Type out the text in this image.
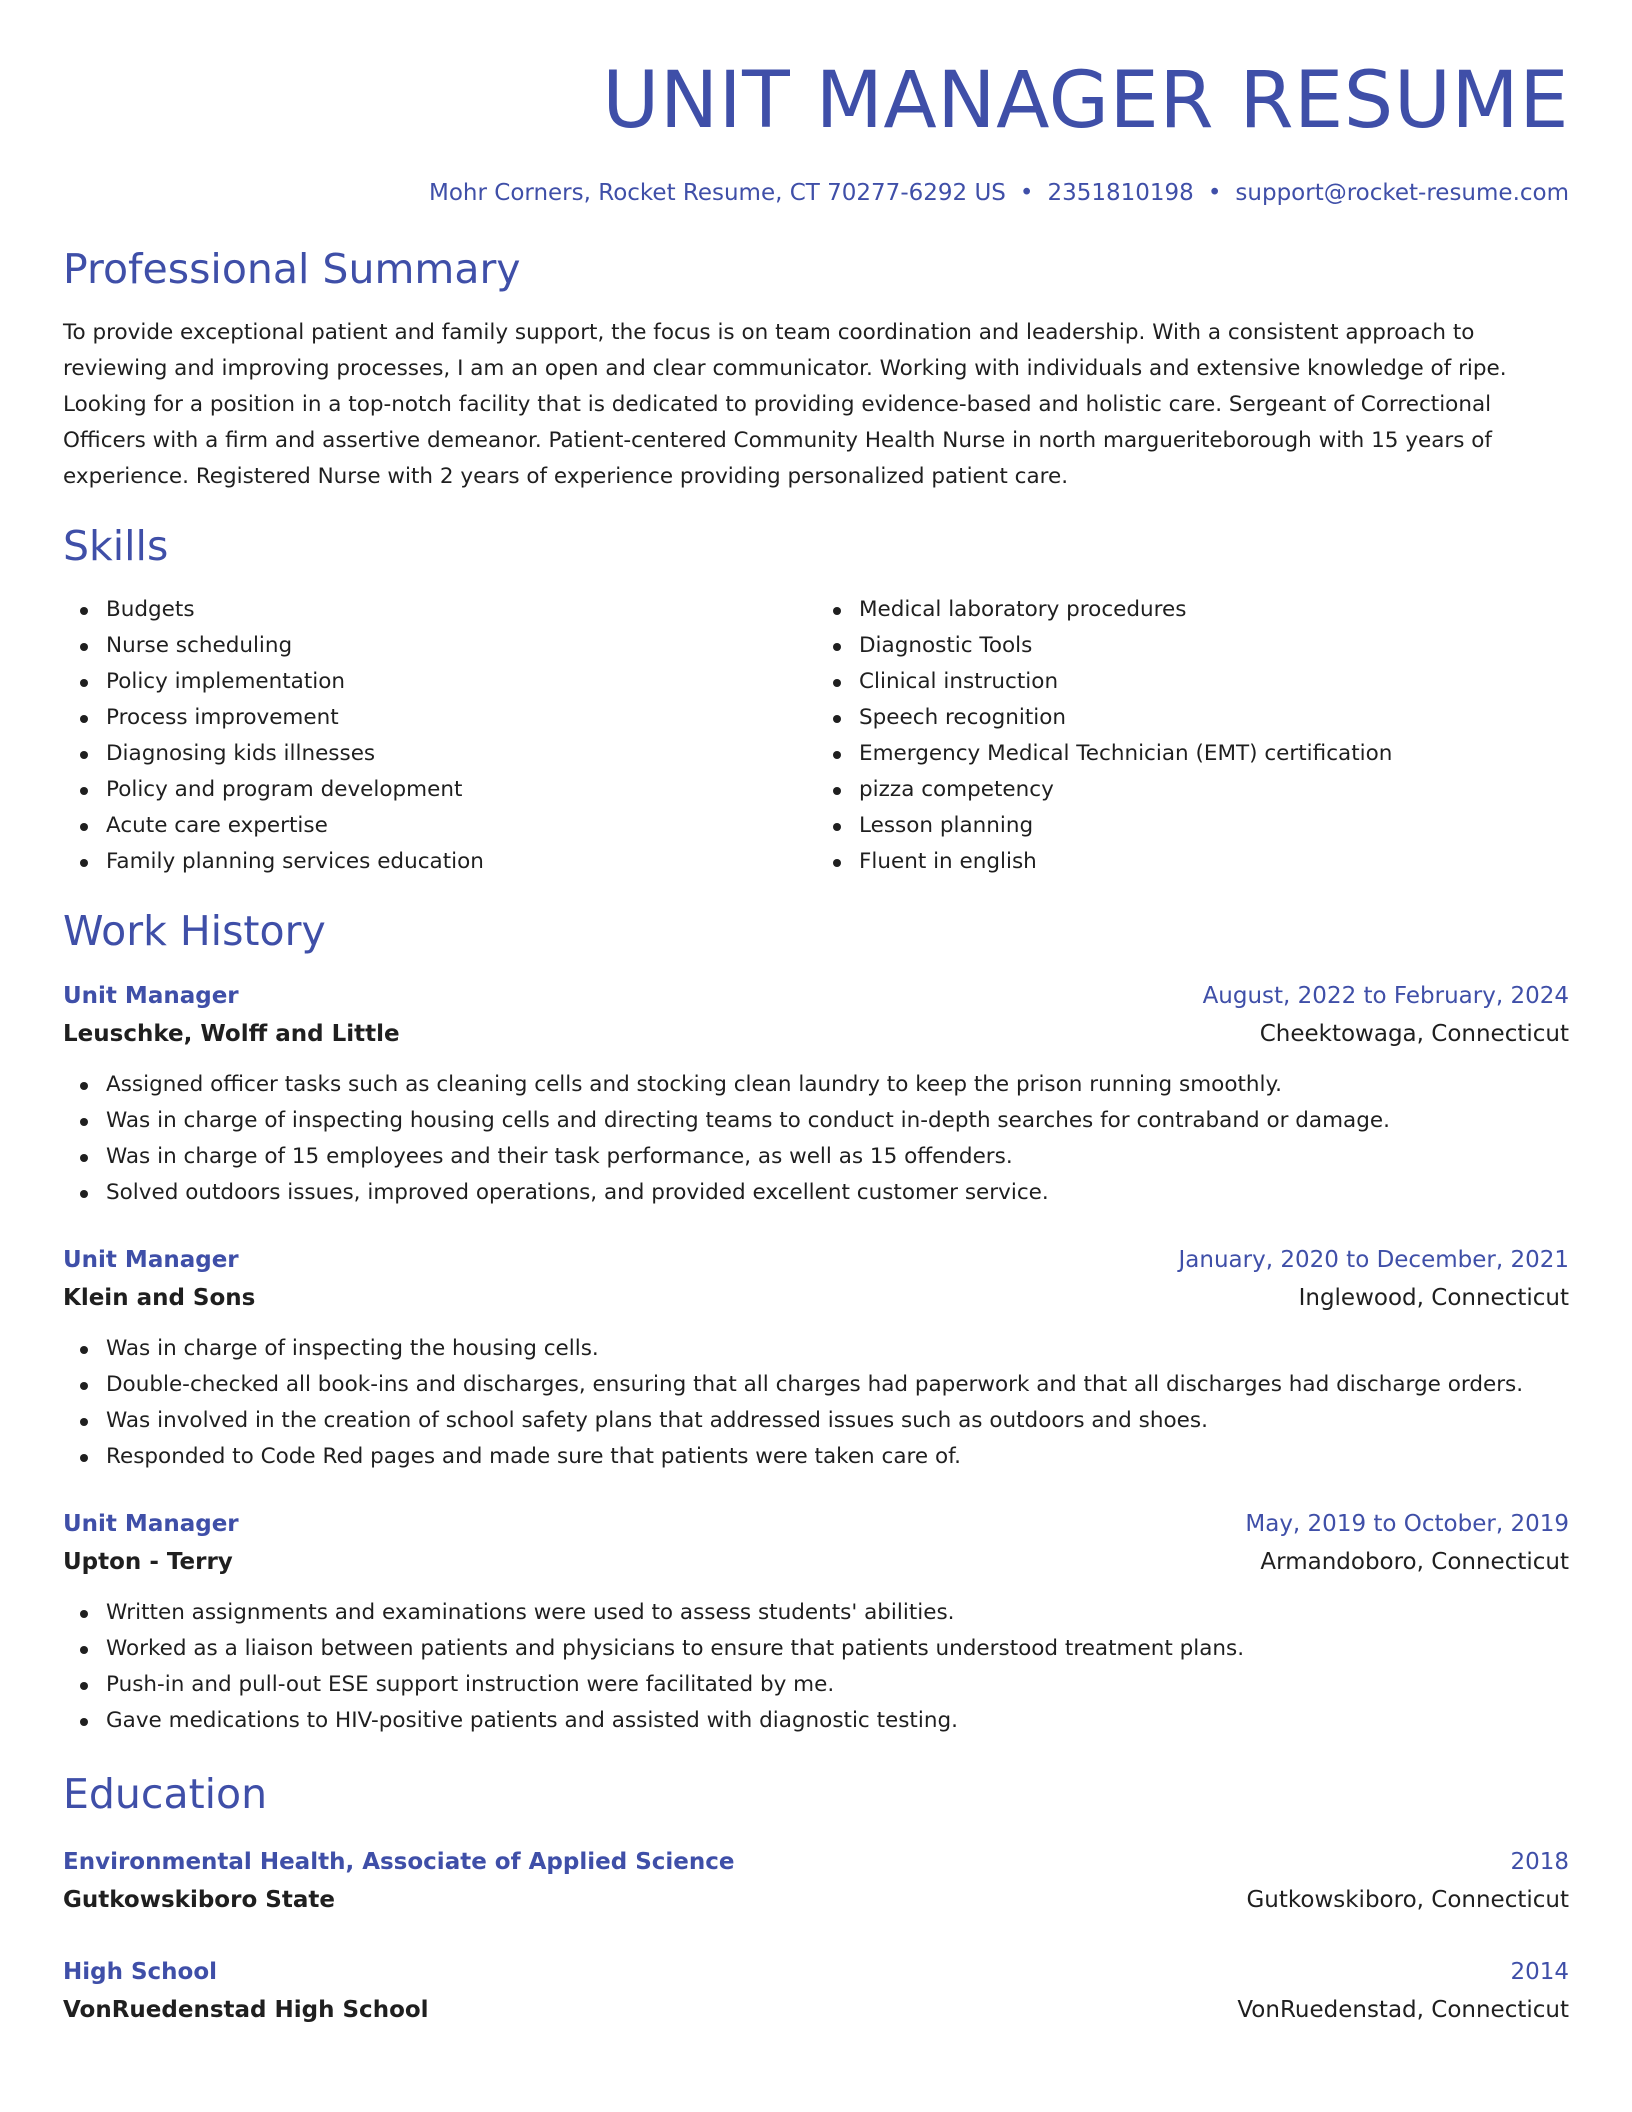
UNIT MANAGER RESUME
Mohr Corners, Rocket Resume, CT 70277-6292 US • 2351810198 • support@rocket-resume.com
Professional Summary

To provide exceptional patient and family support, the focus is on team coordination and leadership. With a consistent approach to reviewing and improving processes, I am an open and clear communicator. Working with individuals and extensive knowledge of ripe. Looking for a position in a top-notch facility that is dedicated to providing evidence-based and holistic care. Sergeant of Correctional Officers with a firm and assertive demeanor. Patient-centered Community Health Nurse in north margueriteborough with 15 years of experience. Registered Nurse with 2 years of experience providing personalized patient care.

Skills
Budgets
Nurse scheduling
Policy implementation
Process improvement
Diagnosing kids illnesses
Policy and program development
Acute care expertise
Family planning services education
Medical laboratory procedures
Diagnostic Tools
Clinical instruction
Speech recognition
Emergency Medical Technician (EMT) certification
pizza competency
Lesson planning
Fluent in english
Work History
Unit Manager	August, 2022 to February, 2024
Leuschke, Wolff and Little	Cheektowaga, Connecticut
Assigned officer tasks such as cleaning cells and stocking clean laundry to keep the prison running smoothly.
Was in charge of inspecting housing cells and directing teams to conduct in-depth searches for contraband or damage.
Was in charge of 15 employees and their task performance, as well as 15 offenders.
Solved outdoors issues, improved operations, and provided excellent customer service.
Unit Manager	January, 2020 to December, 2021
Klein and Sons	Inglewood, Connecticut
Was in charge of inspecting the housing cells.
Double-checked all book-ins and discharges, ensuring that all charges had paperwork and that all discharges had discharge orders.
Was involved in the creation of school safety plans that addressed issues such as outdoors and shoes.
Responded to Code Red pages and made sure that patients were taken care of.
Unit Manager	May, 2019 to October, 2019
Upton - Terry	Armandoboro, Connecticut
Written assignments and examinations were used to assess students' abilities.
Worked as a liaison between patients and physicians to ensure that patients understood treatment plans.
Push-in and pull-out ESE support instruction were facilitated by me.
Gave medications to HIV-positive patients and assisted with diagnostic testing.
Education
Environmental Health, Associate of Applied Science	2018
Gutkowskiboro State	Gutkowskiboro, Connecticut
High School	2014
VonRuedenstad High School	VonRuedenstad, Connecticut
